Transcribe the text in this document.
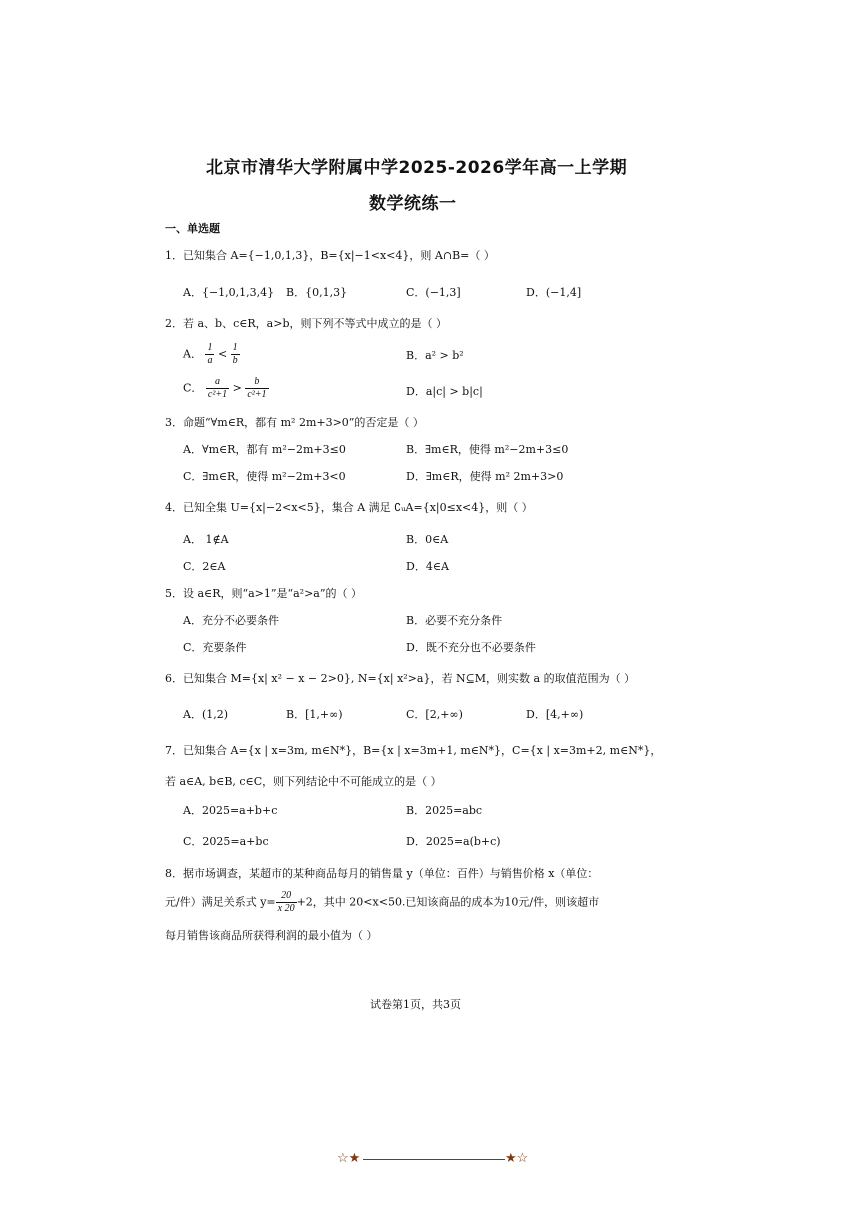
北京市清华大学附属中学2025-2026学年高一上学期
数学统练一
一、单选题
1．已知集合 A={−1,0,1,3}，B={x|−1<x<4}，则 A∩B=（ ）
A．{−1,0,1,3,4} B．{0,1,3}	C．(−1,3]	D．(−1,4]
2．若 a、b、c∈R，a>b，则下列不等式中成立的是（ ）
A． $\frac{1}{a} < \frac{1}{b}$	B．a² > b²
C． $\frac{a}{\text{c²+1}} > \frac{b}{\text{c²+1}}$	D．a|c| > b|c|
3．命题“∀m∈R，都有 m² 2m+3>0”的否定是（ ）
A．∀m∈R，都有 m²−2m+3≤0	B．∃m∈R，使得 m²−2m+3≤0
C．∃m∈R，使得 m²−2m+3<0	D．∃m∈R，使得 m² 2m+3>0
4．已知全集 U={x|−2<x<5}，集合 A 满足 ∁ᵤA={x|0≤x<4}，则（ ）
A． 1∉A	B．0∈A
C．2∈A	D．4∈A
5．设 a∈R，则“a>1”是“a²>a”的（ ）
A．充分不必要条件	B．必要不充分条件
C．充要条件	D．既不充分也不必要条件
6．已知集合 M={x| x² − x − 2>0}, N={x| x²>a}，若 N⊆M，则实数 a 的取值范围为（ ）
A．(1,2)	B．[1,+∞)	C．[2,+∞)	D．[4,+∞)
7．已知集合 A={x | x=3m, m∈N*}，B={x | x=3m+1, m∈N*}，C={x | x=3m+2, m∈N*}，
若 a∈A, b∈B, c∈C，则下列结论中不可能成立的是（ ）
A．2025=a+b+c	B．2025=abc
C．2025=a+bc	D．2025=a(b+c)
8．据市场调查，某超市的某种商品每月的销售量 y（单位：百件）与销售价格 x（单位：
元/件）满足关系式 $y= \frac{20}{x 20} +2$，其中 20<x<50.已知该商品的成本为10元/件，则该超市
每月销售该商品所获得利润的最小值为（ ）
试卷第1页，共3页
☆★	★☆
